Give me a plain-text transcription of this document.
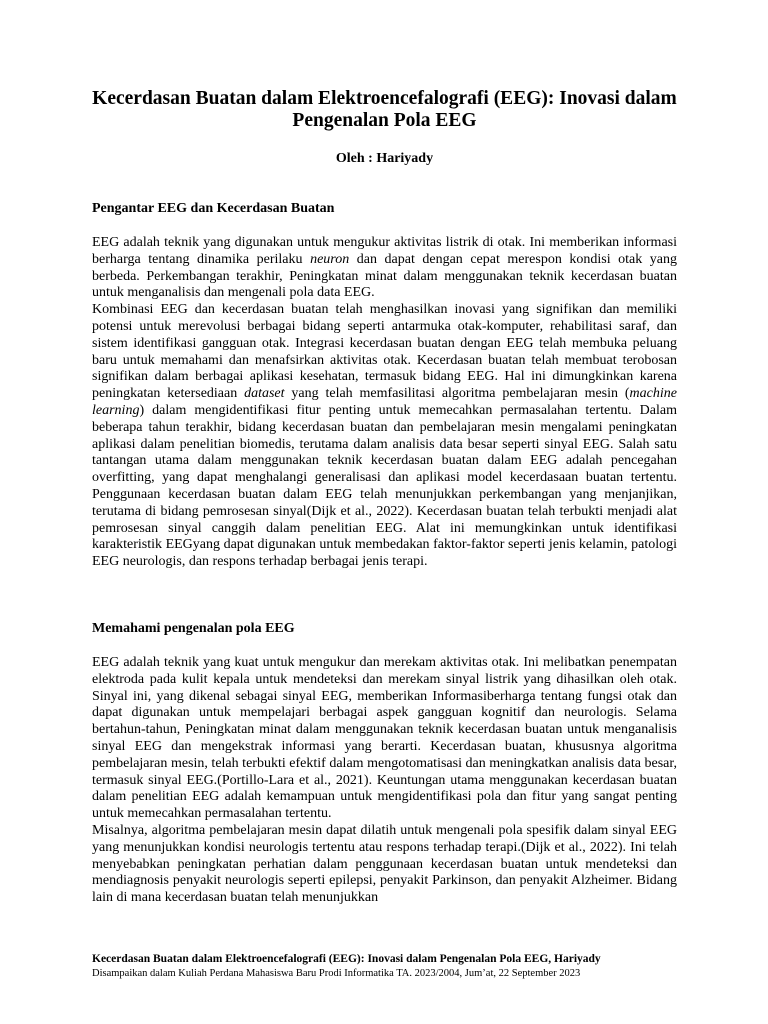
Kecerdasan Buatan dalam Elektroencefalografi (EEG): Inovasi dalam Pengenalan Pola EEG

Oleh : Hariyady

Pengantar EEG dan Kecerdasan Buatan

EEG adalah teknik yang digunakan untuk mengukur aktivitas listrik di otak. Ini memberikan informasi berharga tentang dinamika perilaku neuron dan dapat dengan cepat merespon kondisi otak yang berbeda. Perkembangan terakhir, Peningkatan minat dalam menggunakan teknik kecerdasan buatan untuk menganalisis dan mengenali pola data EEG.

Kombinasi EEG dan kecerdasan buatan telah menghasilkan inovasi yang signifikan dan memiliki potensi untuk merevolusi berbagai bidang seperti antarmuka otak-komputer, rehabilitasi saraf, dan sistem identifikasi gangguan otak. Integrasi kecerdasan buatan dengan EEG telah membuka peluang baru untuk memahami dan menafsirkan aktivitas otak. Kecerdasan buatan telah membuat terobosan signifikan dalam berbagai aplikasi kesehatan, termasuk bidang EEG. Hal ini dimungkinkan karena peningkatan ketersediaan dataset yang telah memfasilitasi algoritma pembelajaran mesin (machine learning) dalam mengidentifikasi fitur penting untuk memecahkan permasalahan tertentu. Dalam beberapa tahun terakhir, bidang kecerdasan buatan dan pembelajaran mesin mengalami peningkatan aplikasi dalam penelitian biomedis, terutama dalam analisis data besar seperti sinyal EEG. Salah satu tantangan utama dalam menggunakan teknik kecerdasan buatan dalam EEG adalah pencegahan overfitting, yang dapat menghalangi generalisasi dan aplikasi model kecerdasaan buatan tertentu. Penggunaan kecerdasan buatan dalam EEG telah menunjukkan perkembangan yang menjanjikan, terutama di bidang pemrosesan sinyal(Dijk et al., 2022). Kecerdasan buatan telah terbukti menjadi alat pemrosesan sinyal canggih dalam penelitian EEG. Alat ini memungkinkan untuk identifikasi karakteristik EEGyang dapat digunakan untuk membedakan faktor-faktor seperti jenis kelamin, patologi EEG neurologis, dan respons terhadap berbagai jenis terapi.

Memahami pengenalan pola EEG

EEG adalah teknik yang kuat untuk mengukur dan merekam aktivitas otak. Ini melibatkan penempatan elektroda pada kulit kepala untuk mendeteksi dan merekam sinyal listrik yang dihasilkan oleh otak. Sinyal ini, yang dikenal sebagai sinyal EEG, memberikan Informasiberharga tentang fungsi otak dan dapat digunakan untuk mempelajari berbagai aspek gangguan kognitif dan neurologis. Selama bertahun-tahun, Peningkatan minat dalam menggunakan teknik kecerdasan buatan untuk menganalisis sinyal EEG dan mengekstrak informasi yang berarti. Kecerdasan buatan, khususnya algoritma pembelajaran mesin, telah terbukti efektif dalam mengotomatisasi dan meningkatkan analisis data besar, termasuk sinyal EEG.(Portillo-Lara et al., 2021). Keuntungan utama menggunakan kecerdasan buatan dalam penelitian EEG adalah kemampuan untuk mengidentifikasi pola dan fitur yang sangat penting untuk memecahkan permasalahan tertentu.

Misalnya, algoritma pembelajaran mesin dapat dilatih untuk mengenali pola spesifik dalam sinyal EEG yang menunjukkan kondisi neurologis tertentu atau respons terhadap terapi.(Dijk et al., 2022). Ini telah menyebabkan peningkatan perhatian dalam penggunaan kecerdasan buatan untuk mendeteksi dan mendiagnosis penyakit neurologis seperti epilepsi, penyakit Parkinson, dan penyakit Alzheimer. Bidang lain di mana kecerdasan buatan telah menunjukkan

Kecerdasan Buatan dalam Elektroencefalografi (EEG): Inovasi dalam Pengenalan Pola EEG, Hariyady

Disampaikan dalam Kuliah Perdana Mahasiswa Baru Prodi Informatika TA. 2023/2004, Jum’at, 22 September 2023
